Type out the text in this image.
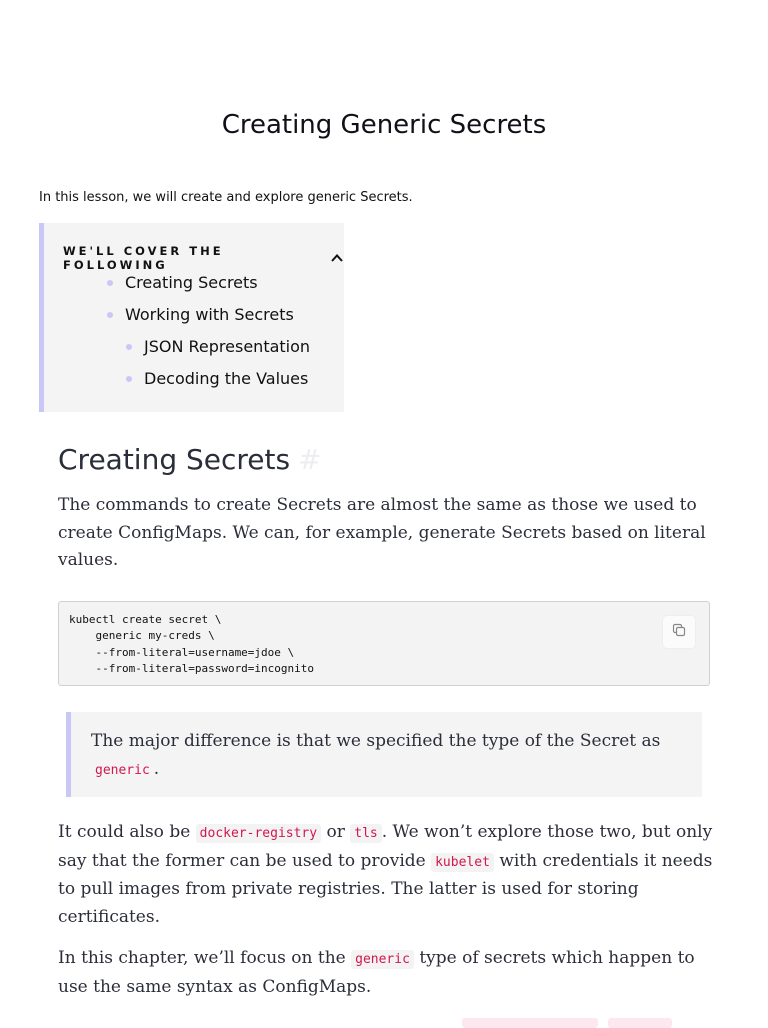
Creating Generic Secrets
In this lesson, we will create and explore generic Secrets.
WE'LL COVER THE FOLLOWING
Creating Secrets
Working with Secrets
JSON Representation
Decoding the Values
Creating Secrets #
The commands to create Secrets are almost the same as those we used to create ConfigMaps. We can, for example, generate Secrets based on literal values.
kubectl create secret \
generic my-creds \
--from-literal=username=jdoe \
--from-literal=password=incognito
The major difference is that we specified the type of the Secret as
generic .
It could also be docker-registry or tls . We won’t explore those two, but only say that the former can be used to provide kubelet with credentials it needs to pull images from private registries. The latter is used for storing certificates.
In this chapter, we’ll focus on the generic type of secrets which happen to use the same syntax as ConfigMaps.
